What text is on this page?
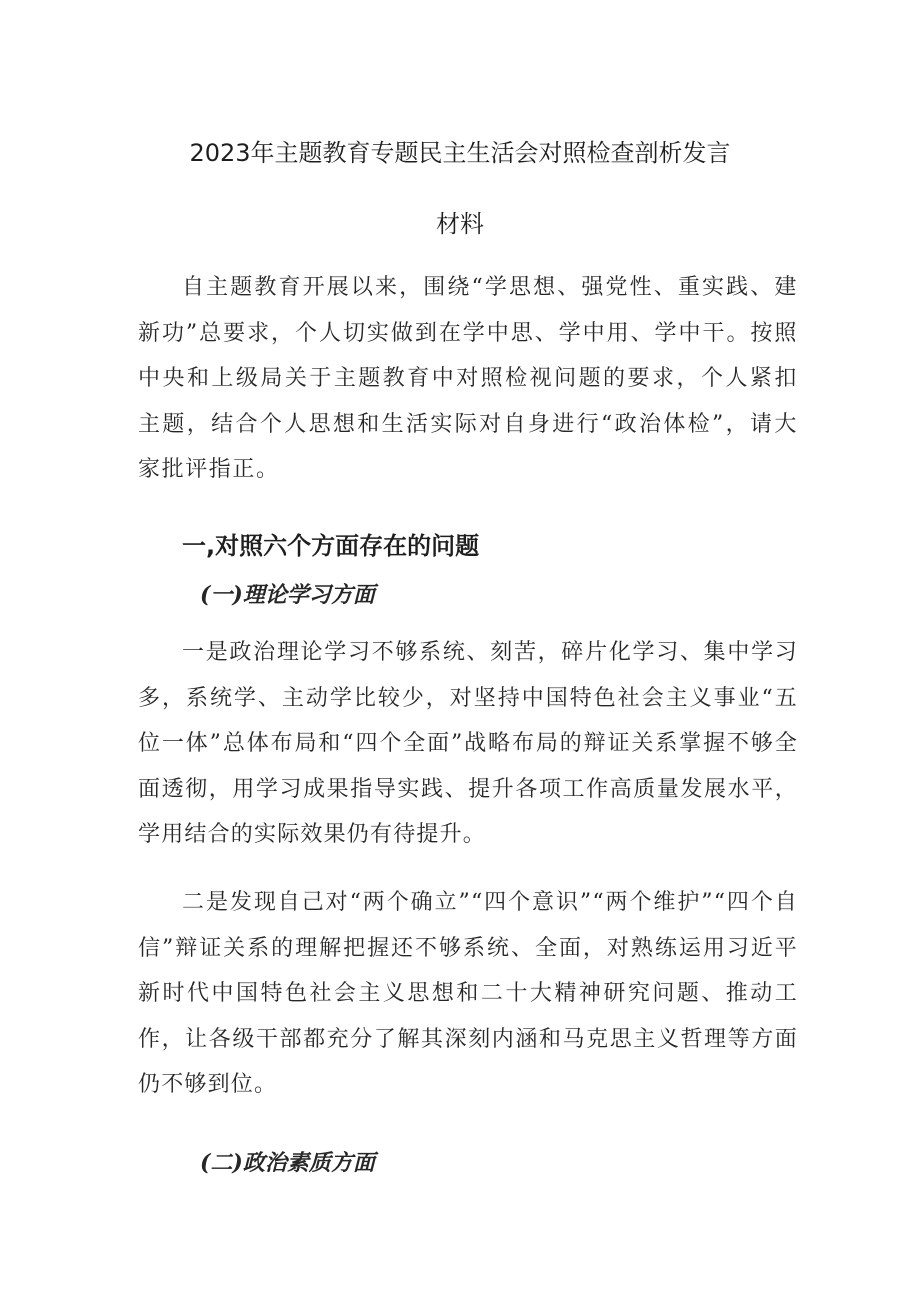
2023年主题教育专题民主生活会对照检查剖析发言
材料

自主题教育开展以来，围绕“学思想、强党性、重实践、建新功”总要求，个人切实做到在学中思、学中用、学中干。按照中央和上级局关于主题教育中对照检视问题的要求，个人紧扣主题，结合个人思想和生活实际对自身进行“政治体检”，请大家批评指正。

一,对照六个方面存在的问题
(一)理论学习方面

一是政治理论学习不够系统、刻苦，碎片化学习、集中学习多，系统学、主动学比较少，对坚持中国特色社会主义事业“五位一体”总体布局和“四个全面”战略布局的辩证关系掌握不够全面透彻，用学习成果指导实践、提升各项工作高质量发展水平，学用结合的实际效果仍有待提升。

二是发现自己对“两个确立”“四个意识”“两个维护”“四个自信”辩证关系的理解把握还不够系统、全面，对熟练运用习近平新时代中国特色社会主义思想和二十大精神研究问题、推动工作，让各级干部都充分了解其深刻内涵和马克思主义哲理等方面仍不够到位。

(二)政治素质方面
